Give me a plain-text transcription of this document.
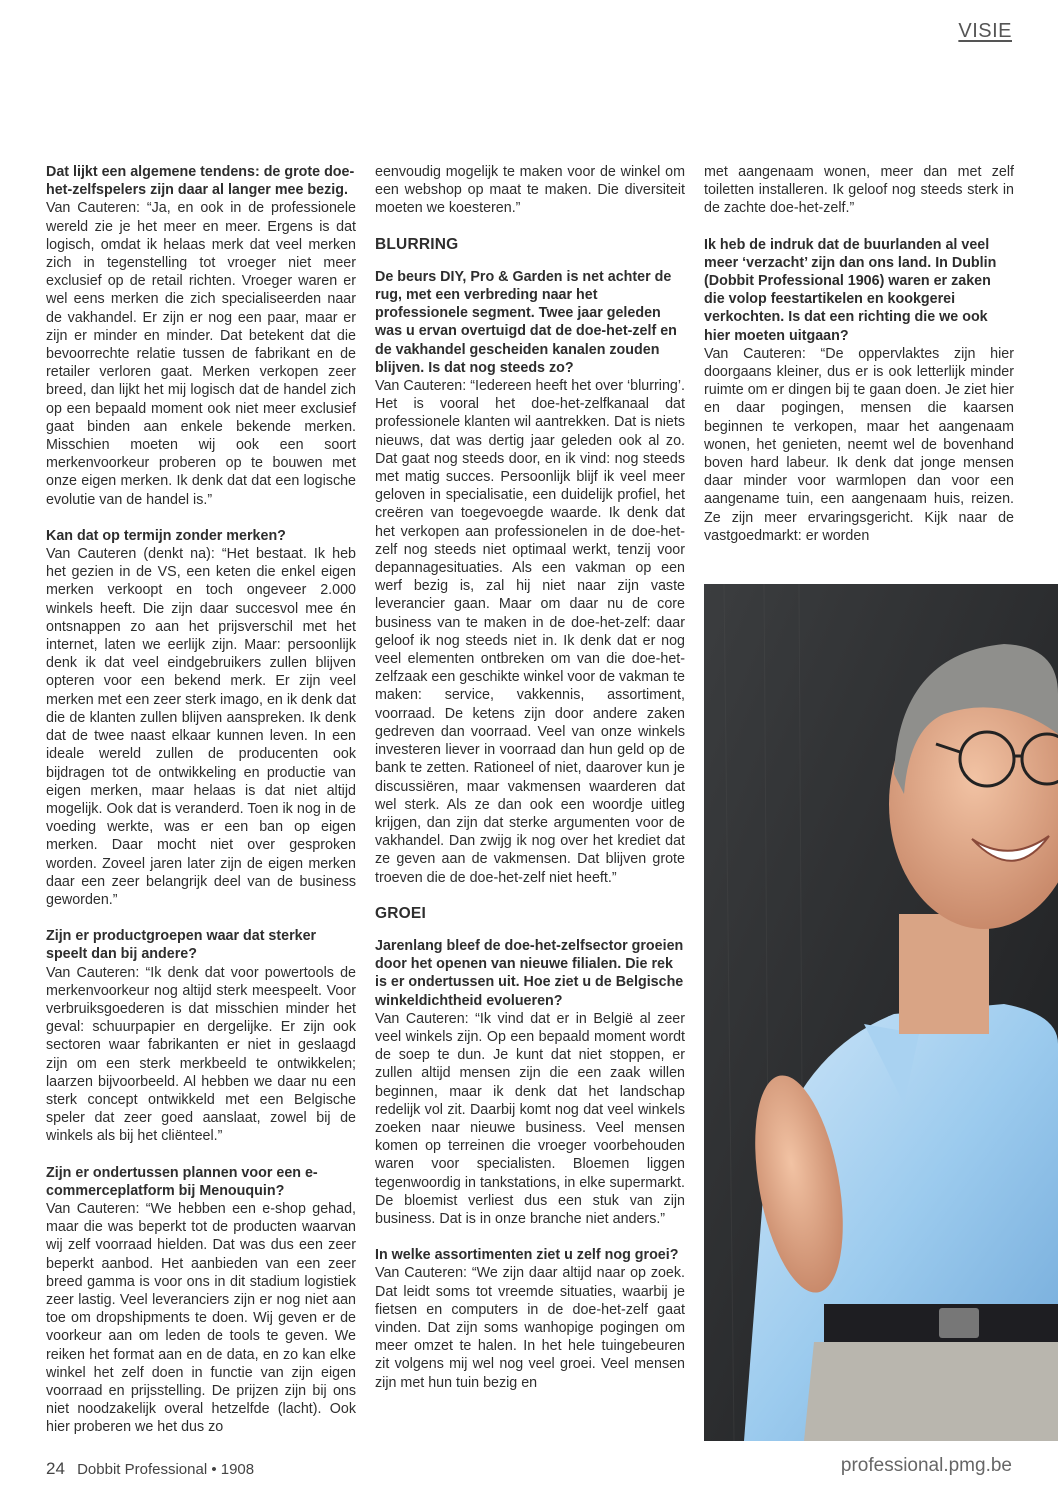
VISIE

Dat lijkt een algemene tendens: de grote doe-het-zelfspelers zijn daar al langer mee bezig.
Van Cauteren: “Ja, en ook in de professionele wereld zie je het meer en meer. Ergens is dat logisch, omdat ik helaas merk dat veel merken zich in tegenstelling tot vroeger niet meer exclusief op de retail richten. Vroeger waren er wel eens merken die zich specialiseerden naar de vakhandel. Er zijn er nog een paar, maar er zijn er minder en minder. Dat betekent dat die bevoorrechte relatie tussen de fabrikant en de retailer verloren gaat. Merken verkopen zeer breed, dan lijkt het mij logisch dat de handel zich op een bepaald moment ook niet meer exclusief gaat binden aan enkele bekende merken. Misschien moeten wij ook een soort merkenvoorkeur proberen op te bouwen met onze eigen merken. Ik denk dat dat een logische evolutie van de handel is.”

Kan dat op termijn zonder merken?
Van Cauteren (denkt na): “Het bestaat. Ik heb het gezien in de VS, een keten die enkel eigen merken verkoopt en toch ongeveer 2.000 winkels heeft. Die zijn daar succesvol mee én ontsnappen zo aan het prijsverschil met het internet, laten we eerlijk zijn. Maar: persoonlijk denk ik dat veel eindgebruikers zullen blijven opteren voor een bekend merk. Er zijn veel merken met een zeer sterk imago, en ik denk dat die de klanten zullen blijven aanspreken. Ik denk dat de twee naast elkaar kunnen leven. In een ideale wereld zullen de producenten ook bijdragen tot de ontwikkeling en productie van eigen merken, maar helaas is dat niet altijd mogelijk. Ook dat is veranderd. Toen ik nog in de voeding werkte, was er een ban op eigen merken. Daar mocht niet over gesproken worden. Zoveel jaren later zijn de eigen merken daar een zeer belangrijk deel van de business geworden.”

Zijn er productgroepen waar dat sterker speelt dan bij andere?
Van Cauteren: “Ik denk dat voor powertools de merkenvoorkeur nog altijd sterk meespeelt. Voor verbruiksgoederen is dat misschien minder het geval: schuurpapier en dergelijke. Er zijn ook sectoren waar fabrikanten er niet in geslaagd zijn om een sterk merkbeeld te ontwikkelen; laarzen bijvoorbeeld. Al hebben we daar nu een sterk concept ontwikkeld met een Belgische speler dat zeer goed aanslaat, zowel bij de winkels als bij het cliënteel.”

Zijn er ondertussen plannen voor een e-commerceplatform bij Menouquin?
Van Cauteren: “We hebben een e-shop gehad, maar die was beperkt tot de producten waarvan wij zelf voorraad hielden. Dat was dus een zeer beperkt aanbod. Het aanbieden van een zeer breed gamma is voor ons in dit stadium logistiek zeer lastig. Veel leveranciers zijn er nog niet aan toe om dropshipments te doen. Wij geven er de voorkeur aan om leden de tools te geven. We reiken het format aan en de data, en zo kan elke winkel het zelf doen in functie van zijn eigen voorraad en prijsstelling. De prijzen zijn bij ons niet noodzakelijk overal hetzelfde (lacht). Ook hier proberen we het dus zo

eenvoudig mogelijk te maken voor de winkel om een webshop op maat te maken. Die diversiteit moeten we koesteren.”

BLURRING

De beurs DIY, Pro & Garden is net achter de rug, met een verbreding naar het professionele segment. Twee jaar geleden was u ervan overtuigd dat de doe-het-zelf en de vakhandel gescheiden kanalen zouden blijven. Is dat nog steeds zo?
Van Cauteren: “Iedereen heeft het over ‘blurring’. Het is vooral het doe-het-zelfkanaal dat professionele klanten wil aantrekken. Dat is niets nieuws, dat was dertig jaar geleden ook al zo. Dat gaat nog steeds door, en ik vind: nog steeds met matig succes. Persoonlijk blijf ik veel meer geloven in specialisatie, een duidelijk profiel, het creëren van toegevoegde waarde. Ik denk dat het verkopen aan professionelen in de doe-het-zelf nog steeds niet optimaal werkt, tenzij voor depannagesituaties. Als een vakman op een werf bezig is, zal hij niet naar zijn vaste leverancier gaan. Maar om daar nu de core business van te maken in de doe-het-zelf: daar geloof ik nog steeds niet in. Ik denk dat er nog veel elementen ontbreken om van die doe-het-zelfzaak een geschikte winkel voor de vakman te maken: service, vakkennis, assortiment, voorraad. De ketens zijn door andere zaken gedreven dan voorraad. Veel van onze winkels investeren liever in voorraad dan hun geld op de bank te zetten. Rationeel of niet, daarover kun je discussiëren, maar vakmensen waarderen dat wel sterk. Als ze dan ook een woordje uitleg krijgen, dan zijn dat sterke argumenten voor de vakhandel. Dan zwijg ik nog over het krediet dat ze geven aan de vakmensen. Dat blijven grote troeven die de doe-het-zelf niet heeft.”

GROEI

Jarenlang bleef de doe-het-zelfsector groeien door het openen van nieuwe filialen. Die rek is er ondertussen uit. Hoe ziet u de Belgische winkeldichtheid evolueren?
Van Cauteren: “Ik vind dat er in België al zeer veel winkels zijn. Op een bepaald moment wordt de soep te dun. Je kunt dat niet stoppen, er zullen altijd mensen zijn die een zaak willen beginnen, maar ik denk dat het landschap redelijk vol zit. Daarbij komt nog dat veel winkels zoeken naar nieuwe business. Veel mensen komen op terreinen die vroeger voorbehouden waren voor specialisten. Bloemen liggen tegenwoordig in tankstations, in elke supermarkt. De bloemist verliest dus een stuk van zijn business. Dat is in onze branche niet anders.”

In welke assortimenten ziet u zelf nog groei?
Van Cauteren: “We zijn daar altijd naar op zoek. Dat leidt soms tot vreemde situaties, waarbij je fietsen en computers in de doe-het-zelf gaat vinden. Dat zijn soms wanhopige pogingen om meer omzet te halen. In het hele tuingebeuren zit volgens mij wel nog veel groei. Veel mensen zijn met hun tuin bezig en

met aangenaam wonen, meer dan met zelf toiletten installeren. Ik geloof nog steeds sterk in de zachte doe-het-zelf.”

Ik heb de indruk dat de buurlanden al veel meer ‘verzacht’ zijn dan ons land. In Dublin (Dobbit Professional 1906) waren er zaken die volop feestartikelen en kookgerei verkochten. Is dat een richting die we ook hier moeten uitgaan?
Van Cauteren: “De oppervlaktes zijn hier doorgaans kleiner, dus er is ook letterlijk minder ruimte om er dingen bij te gaan doen. Je ziet hier en daar pogingen, mensen die kaarsen beginnen te verkopen, maar het aangenaam wonen, het genieten, neemt wel de bovenhand boven hard labeur. Ik denk dat jonge mensen daar minder voor warmlopen dan voor een aangename tuin, een aangenaam huis, reizen. Ze zijn meer ervaringsgericht. Kijk naar de vastgoedmarkt: er worden

24 Dobbit Professional • 1908	professional.pmg.be
